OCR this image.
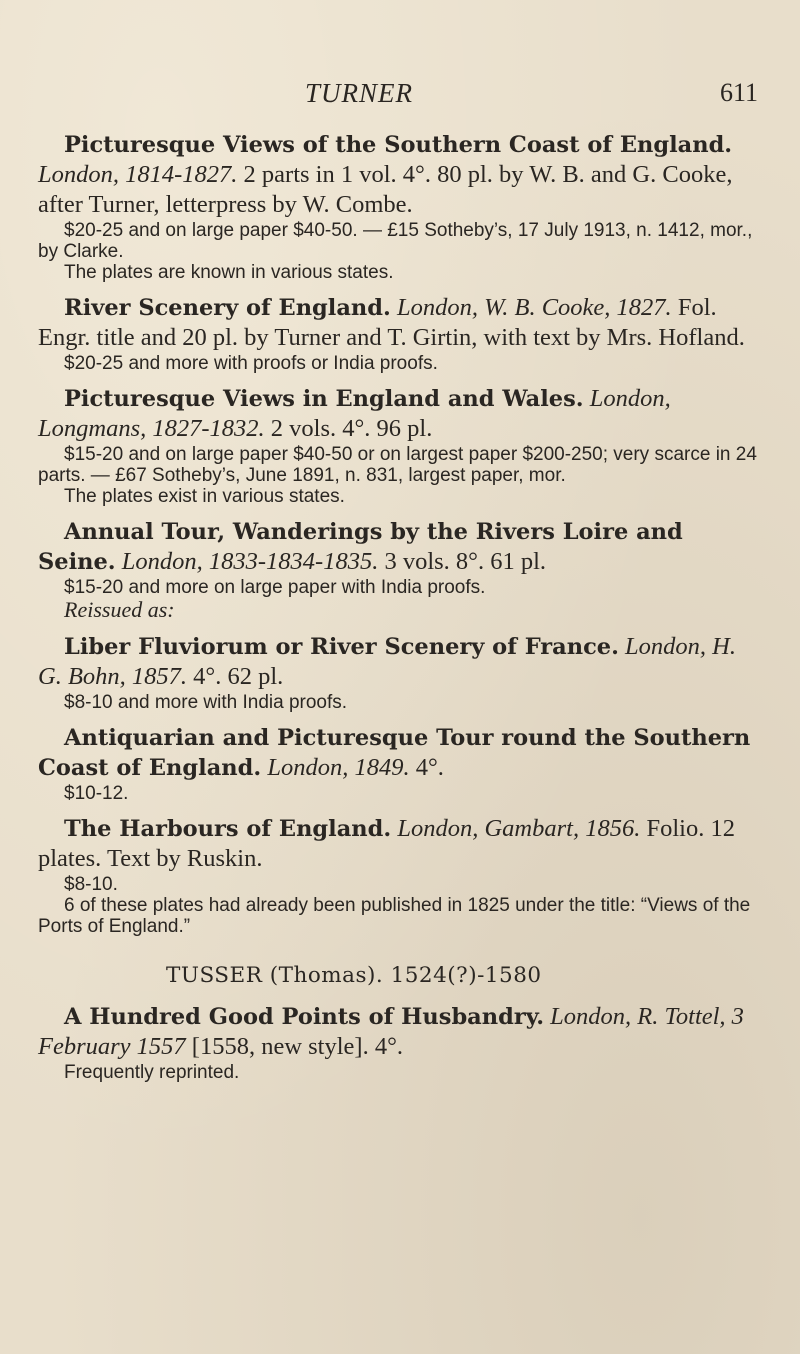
TURNER	611

Picturesque Views of the Southern Coast of England. London, 1814-1827. 2 parts in 1 vol. 4°. 80 pl. by W. B. and G. Cooke, after Turner, letterpress by W. Combe.

$20-25 and on large paper $40-50. — £15 Sotheby’s, 17 July 1913, n. 1412, mor., by Clarke.

The plates are known in various states.

River Scenery of England. London, W. B. Cooke, 1827. Fol. Engr. title and 20 pl. by Turner and T. Girtin, with text by Mrs. Hofland.

$20-25 and more with proofs or India proofs.

Picturesque Views in England and Wales. London, Longmans, 1827-1832. 2 vols. 4°. 96 pl.

$15-20 and on large paper $40-50 or on largest paper $200-250; very scarce in 24 parts. — £67 Sotheby’s, June 1891, n. 831, largest paper, mor.

The plates exist in various states.

Annual Tour, Wanderings by the Rivers Loire and Seine. London, 1833-1834-1835. 3 vols. 8°. 61 pl.

$15-20 and more on large paper with India proofs.

Reissued as:

Liber Fluviorum or River Scenery of France. London, H. G. Bohn, 1857. 4°. 62 pl.

$8-10 and more with India proofs.

Antiquarian and Picturesque Tour round the Southern Coast of England. London, 1849. 4°.

$10-12.

The Harbours of England. London, Gambart, 1856. Folio. 12 plates. Text by Ruskin.

$8-10.

6 of these plates had already been published in 1825 under the title: “Views of the Ports of England.”

TUSSER (Thomas). 1524(?)-1580

A Hundred Good Points of Husbandry. London, R. Tottel, 3 February 1557 [1558, new style]. 4°.

Frequently reprinted.
